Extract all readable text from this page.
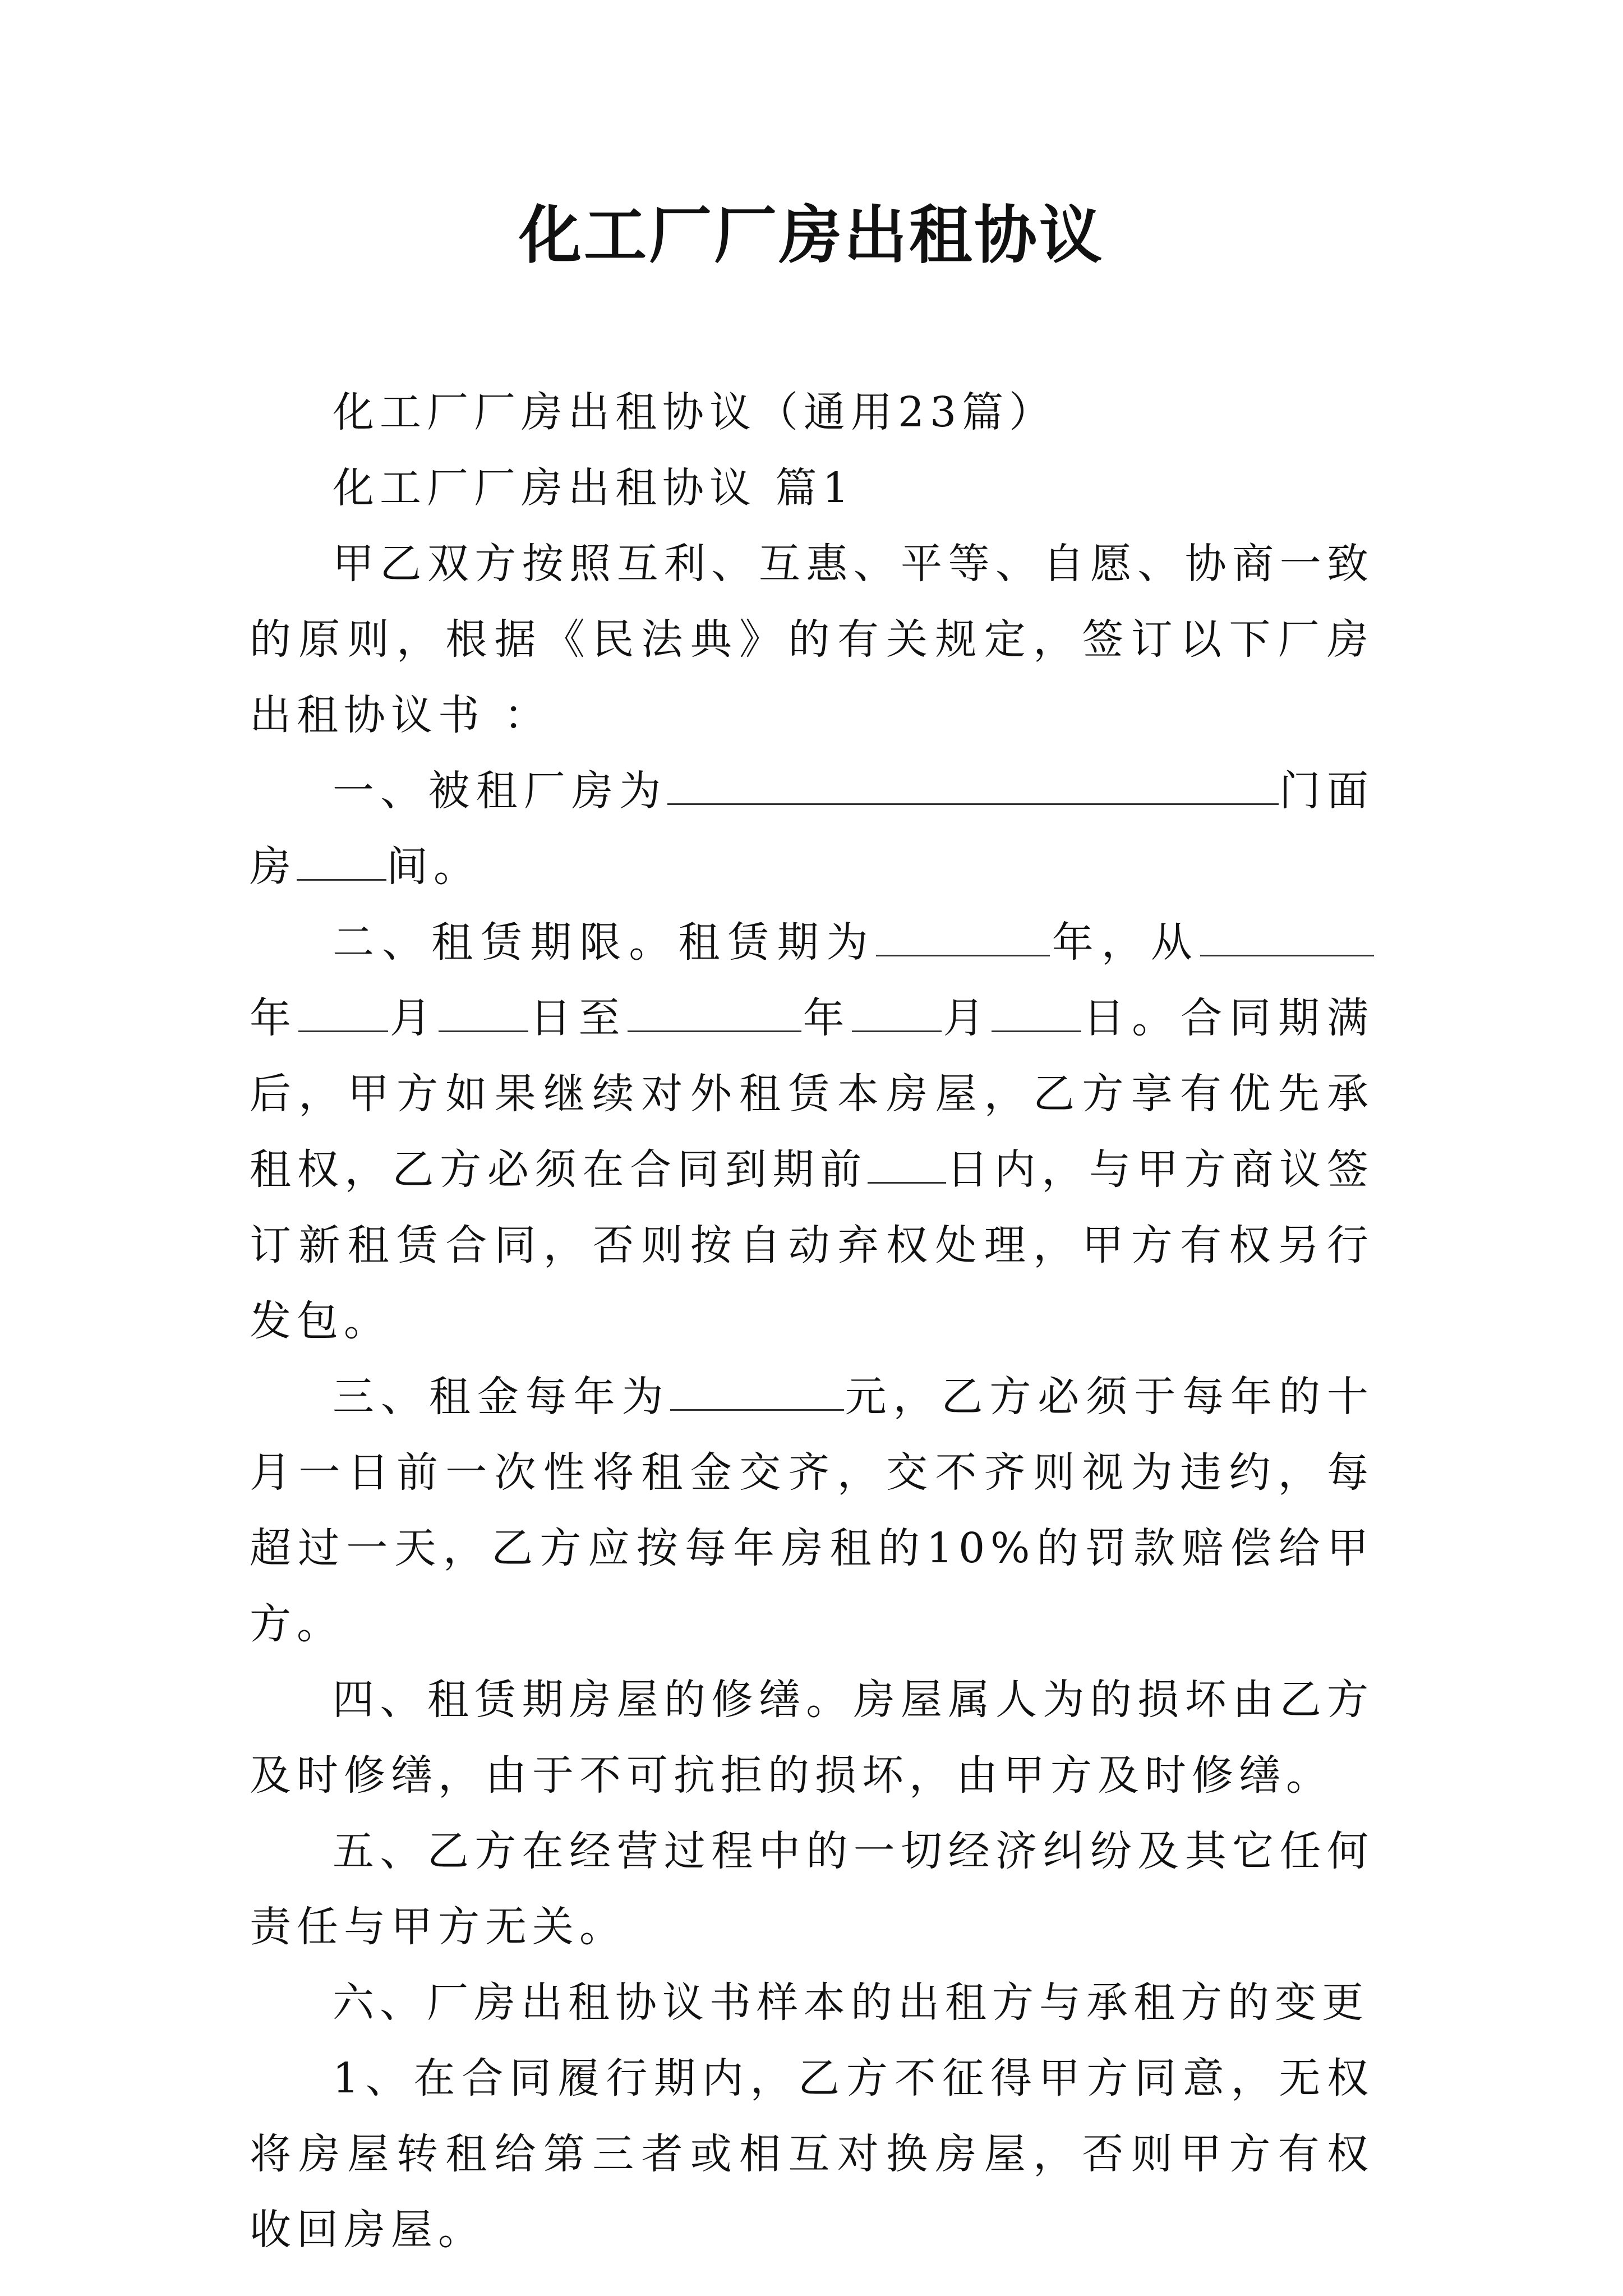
化工厂厂房出租协议

化工厂厂房出租协议（通用23篇）

化工厂厂房出租协议 篇1

甲乙双方按照互利、互惠、平等、自愿、协商一致的原则，根据《民法典》的有关规定，签订以下厂房出租协议书 ：

一、被租厂房为	门面房 间。

二、租赁期限。租赁期为	年，从年 月 日至	年 月 日。合同期满后，甲方如果继续对外租赁本房屋，乙方享有优先承租权，乙方必须在合同到期前 日内，与甲方商议签订新租赁合同，否则按自动弃权处理，甲方有权另行发包。

三、租金每年为	元，乙方必须于每年的十月一日前一次性将租金交齐，交不齐则视为违约，每超过一天，乙方应按每年房租的10%的罚款赔偿给甲方。

四、租赁期房屋的修缮。房屋属人为的损坏由乙方及时修缮，由于不可抗拒的损坏，由甲方及时修缮。

五、乙方在经营过程中的一切经济纠纷及其它任何责任与甲方无关。

六、厂房出租协议书样本的出租方与承租方的变更

1、在合同履行期内，乙方不征得甲方同意，无权将房屋转租给第三者或相互对换房屋，否则甲方有权收回房屋。
